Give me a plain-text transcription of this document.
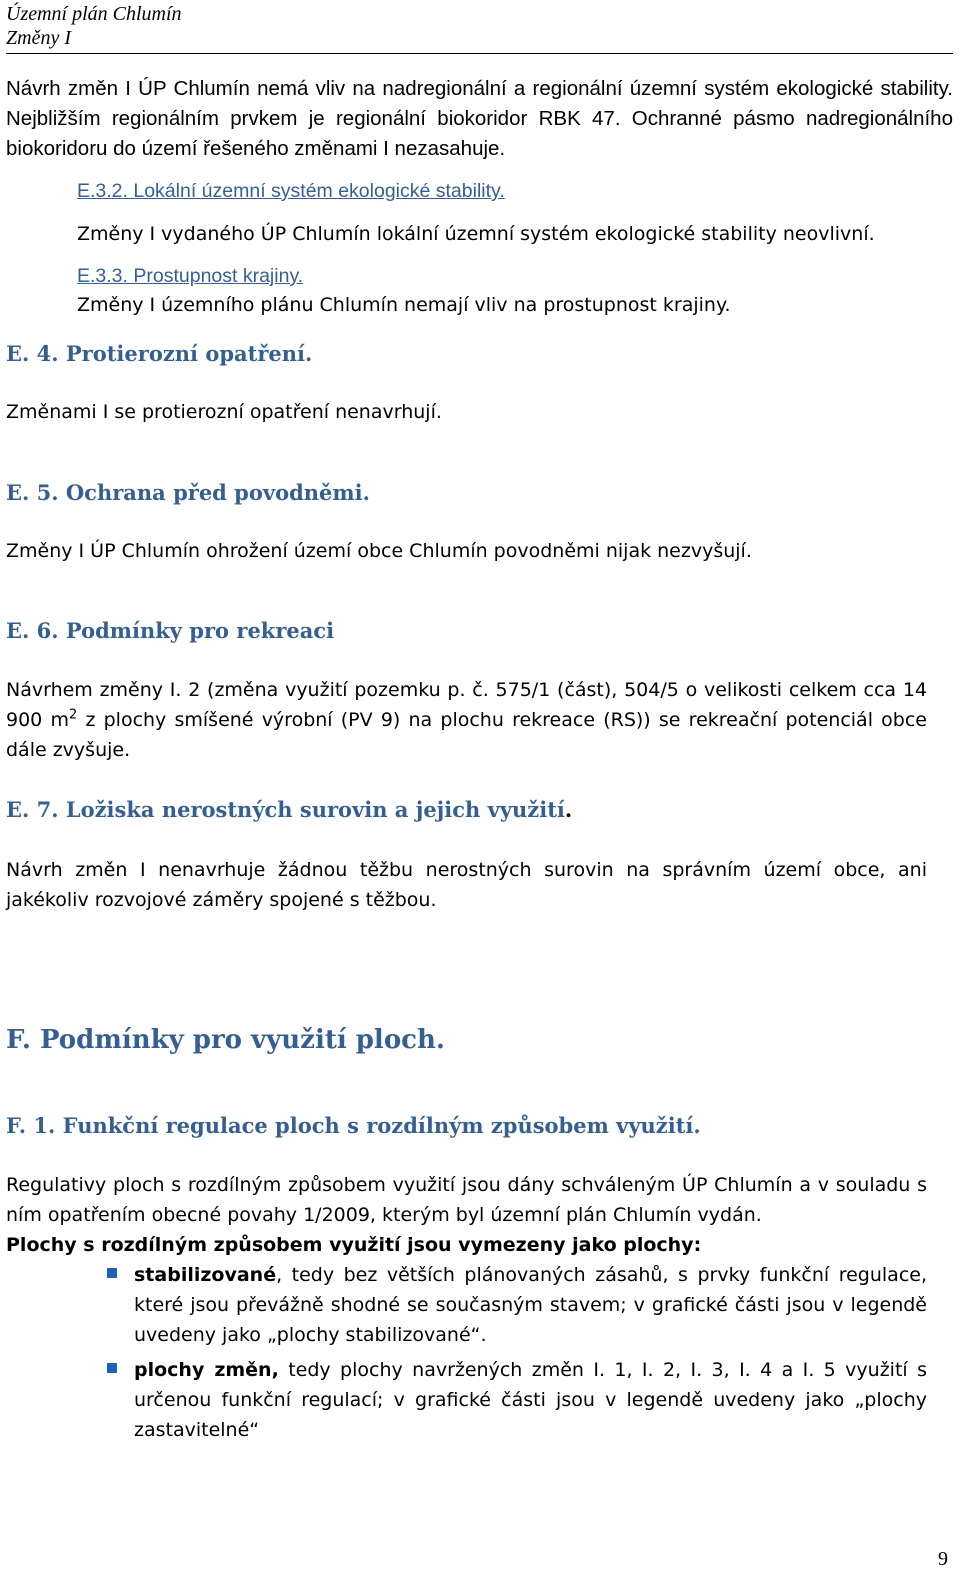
Územní plán Chlumín
Změny I
Návrh změn I ÚP Chlumín nemá vliv na nadregionální a regionální územní systém ekologické stability. Nejbližším regionálním prvkem je regionální biokoridor RBK 47. Ochranné pásmo nadregionálního biokoridoru do území řešeného změnami I nezasahuje.
E.3.2. Lokální územní systém ekologické stability.
Změny I vydaného ÚP Chlumín lokální územní systém ekologické stability neovlivní.
E.3.3. Prostupnost krajiny.
Změny I územního plánu Chlumín nemají vliv na prostupnost krajiny.
E. 4. Protierozní opatření.
Změnami I se protierozní opatření nenavrhují.
E. 5. Ochrana před povodněmi.
Změny I ÚP Chlumín ohrožení území obce Chlumín povodněmi nijak nezvyšují.
E. 6. Podmínky pro rekreaci
Návrhem změny I. 2 (změna využití pozemku p. č. 575/1 (část), 504/5 o velikosti celkem cca 14 900 $m^2$ z plochy smíšené výrobní (PV 9) na plochu rekreace (RS)) se rekreační potenciál obce dále zvyšuje.
E. 7. Ložiska nerostných surovin a jejich využití.
Návrh změn I nenavrhuje žádnou těžbu nerostných surovin na správním území obce, ani jakékoliv rozvojové záměry spojené s těžbou.
F. Podmínky pro využití ploch.
F. 1. Funkční regulace ploch s rozdílným způsobem využití.
Regulativy ploch s rozdílným způsobem využití jsou dány schváleným ÚP Chlumín a v souladu s ním opatřením obecné povahy 1/2009, kterým byl územní plán Chlumín vydán.
Plochy s rozdílným způsobem využití jsou vymezeny jako plochy:
stabilizované, tedy bez větších plánovaných zásahů, s prvky funkční regulace, které jsou převážně shodné se současným stavem; v grafické části jsou v legendě uvedeny jako „plochy stabilizované“.
plochy změn, tedy plochy navržených změn I. 1, I. 2, I. 3, I. 4 a I. 5 využití s určenou funkční regulací; v grafické části jsou v legendě uvedeny jako „plochy zastavitelné“
9
